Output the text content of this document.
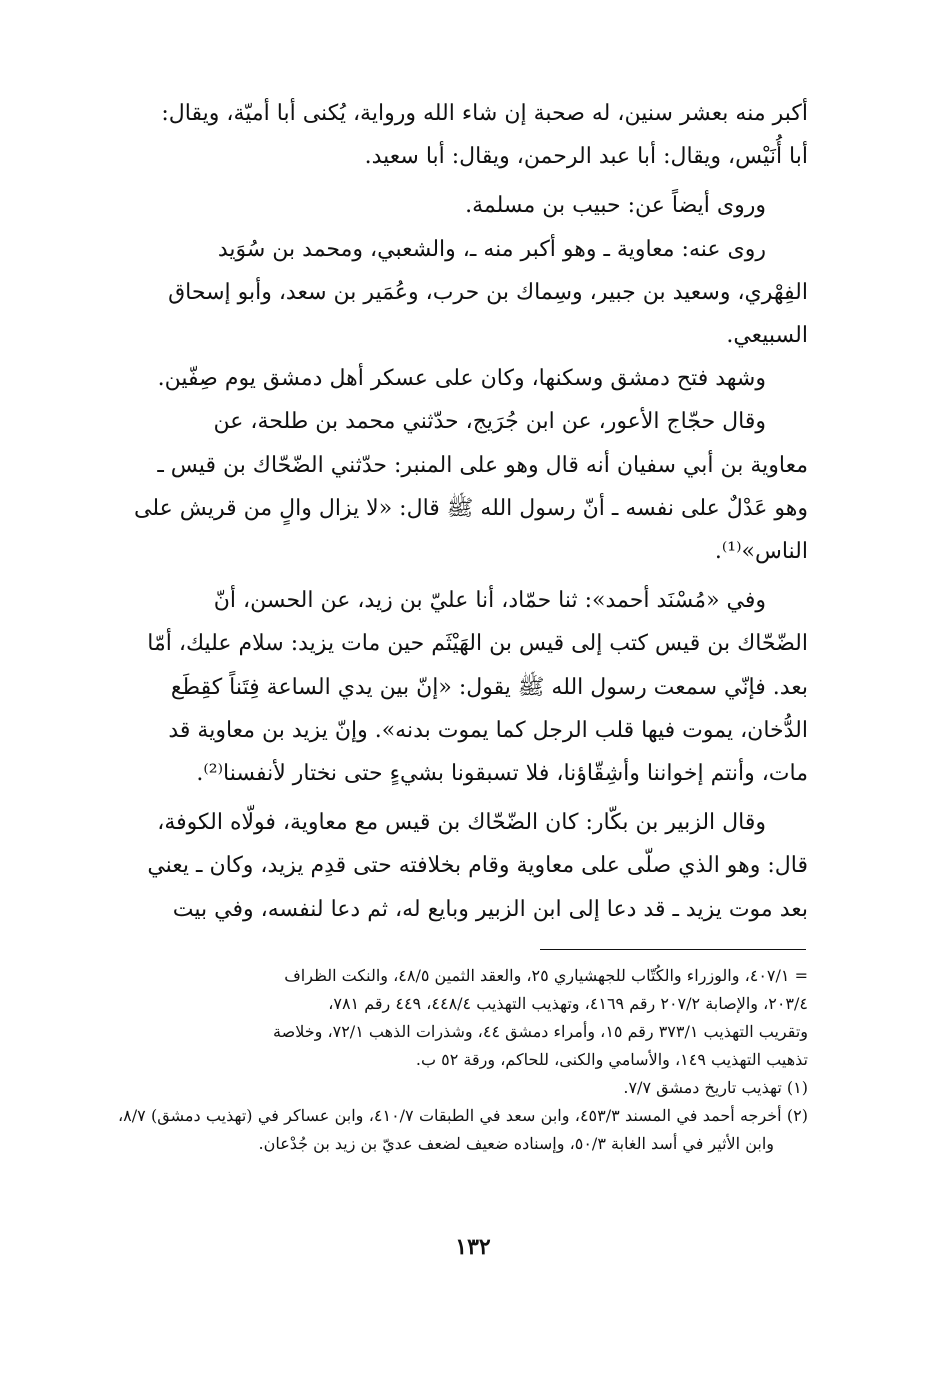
أكبر منه بعشر سنين، له صحبة إن شاء الله ورواية، يُكنى أبا أميّة، ويقال:

أبا أُنَيْس، ويقال: أبا عبد الرحمن، ويقال: أبا سعيد.

وروى أيضاً عن: حبيب بن مسلمة.

روى عنه: معاوية ـ وهو أكبر منه ـ، والشعبي، ومحمد بن سُوَيد

الفِهْري، وسعيد بن جبير، وسِماك بن حرب، وعُمَير بن سعد، وأبو إسحاق

السبيعي.

وشهد فتح دمشق وسكنها، وكان على عسكر أهل دمشق يوم صِفّين.

وقال حجّاج الأعور، عن ابن جُرَيج، حدّثني محمد بن طلحة، عن

معاوية بن أبي سفيان أنه قال وهو على المنبر: حدّثني الضّحّاك بن قيس ـ

وهو عَدْلٌ على نفسه ـ أنّ رسول الله ﷺ قال: «لا يزال والٍ من قريش على

الناس»⁽¹⁾.

وفي «مُسْنَد أحمد»: ثنا حمّاد، أنا عليّ بن زيد، عن الحسن، أنّ

الضّحّاك بن قيس كتب إلى قيس بن الهَيْثَم حين مات يزيد: سلام عليك، أمّا

بعد. فإنّي سمعت رسول الله ﷺ يقول: «إنّ بين يدي الساعة فِتَناً كقِطَع

الدُّخان، يموت فيها قلب الرجل كما يموت بدنه». وإنّ يزيد بن معاوية قد

مات، وأنتم إخواننا وأشِقّاؤنا، فلا تسبقونا بشيءٍ حتى نختار لأنفسنا⁽²⁾.

وقال الزبير بن بكّار: كان الضّحّاك بن قيس مع معاوية، فولّاه الكوفة،

قال: وهو الذي صلّى على معاوية وقام بخلافته حتى قدِم يزيد، وكان ـ يعني

بعد موت يزيد ـ قد دعا إلى ابن الزبير وبايع له، ثم دعا لنفسه، وفي بيت

= ٤٠٧/١، والوزراء والكُتّاب للجهشياري ٢٥، والعقد الثمين ٤٨/٥، والنكت الظراف

٢٠٣/٤، والإصابة ٢٠٧/٢ رقم ٤١٦٩، وتهذيب التهذيب ٤٤٨/٤، ٤٤٩ رقم ٧٨١،

وتقريب التهذيب ٣٧٣/١ رقم ١٥، وأمراء دمشق ٤٤، وشذرات الذهب ٧٢/١، وخلاصة

تذهيب التهذيب ١٤٩، والأسامي والكنى، للحاكم، ورقة ٥٢ ب.

(١) تهذيب تاريخ دمشق ٧/٧.

(٢) أخرجه أحمد في المسند ٤٥٣/٣، وابن سعد في الطبقات ٤١٠/٧، وابن عساكر في (تهذيب دمشق) ٨/٧، وابن الأثير في أسد الغابة ٥٠/٣، وإسناده ضعيف لضعف عديّ بن زيد بن جُدْعان.

١٣٢
